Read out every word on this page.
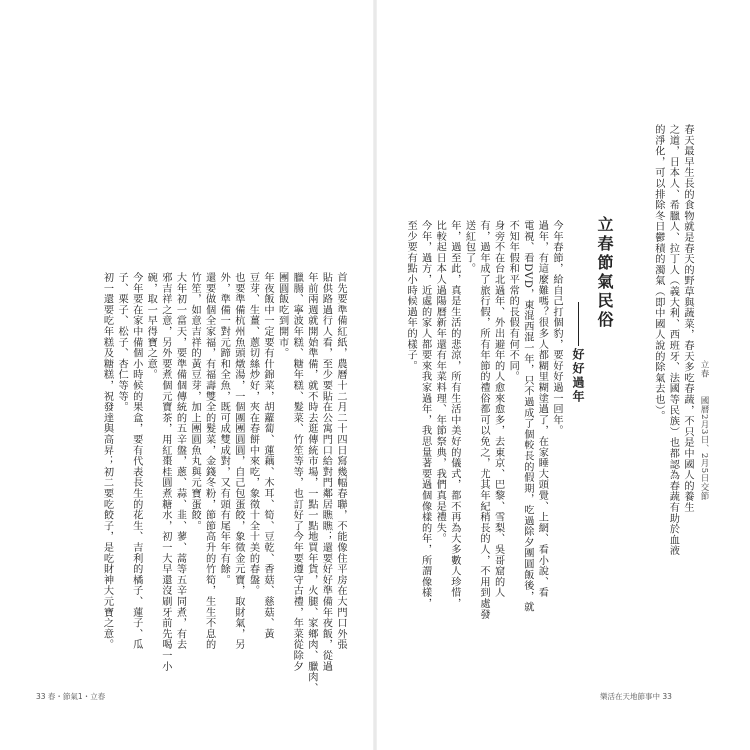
首先要準備紅紙，農曆十二月二十四日寫幾幅春聯，不能像住平房在大門口外張
貼供路過行人看，至少要貼在公寓門口給對門鄰居瞧瞧；還要好好準備年夜飯，從過
年前兩週就開始準備，就不時去逛傳統市場，一點一點地買年貨，火腿、家鄉肉、臘肉、
臘腸、寧波年糕、糖年糕、髮菜、竹笙等等，也訂好了今年要遵守古禮，年菜從除夕
團圓飯吃到開市。
年夜飯中一定要有什錦菜，胡蘿蔔、蓮藕、木耳、筍、豆乾、香菇、慈菇、黃
豆芽、生薑、蔥切絲炒好，夾在春餅中來吃，象徵十全十美的春盤。
也要準備杭州魚頭燉湯，一個團團圓圓，自己包蛋餃，象徵金元寶，取財氣，另
外，準備一對元蹄和全魚，既可成雙成對，又有頭有尾年年有餘。
還要做個全家福，有福壽雙全的髮菜，金錢冬粉，節節高升的竹筍，生生不息的
竹笙，如意吉祥的黃豆芽，加上團圓魚丸與元寶蛋餃。
大年初一當天，要準備個傳統的五辛盤，蔥、蒜、韭、蓼、蒿等五辛同煮，有去
邪吉祥之意，另外要煮個元寶茶，用紅棗桂圓煮糖水，初一大早還沒刷牙前先喝一小
碗，取一早得寶之意。
今年要在家中備個小時候的果盒，要有代表長生的花生、吉利的橘子、蓮子、瓜
子、栗子、松子、杏仁等等。
初一還要吃年糕及糖糕，祝發達與高昇；初二要吃餃子，是吃財神大元寶之意。
33 春・節氣1・立春
立春　　國曆2月3日、2月5日交節
春天最早生長的食物就是春天的野草與蔬菜，春天多吃春蔬，不只是中國人的養生
之道，日本人、希臘人、拉丁人（義大利、西班牙、法國等民族）也都認為春蔬有助於血液
的淨化，可以排除冬日鬱積的濁氣（即中國人說的除氣去也）。
立春節氣民俗
好好過年
今年春節，給自己打個豹，要好好過一回年。
過年，有這麼難嗎？很多人都糊里糊塗過了，在家睡大頭覺、上網、看小說、看
電視、看DVD，東混西混一年，只不過成了個較長的假期，吃過除夕團圓飯後，就
不知年假和平常的長假有何不同。
身旁不在台北過年、外出避年的人愈來愈多，去東京、巴黎、雪梨、吳哥窟的人
有，過年成了旅行假，所有年節的禮俗都可以免之，尤其年紀稍長的人，不用到處發
送紅包了。
年，過至此，真是生活的悲涼，所有生活中美好的儀式，都不再為大多數人珍惜，
比較起日本人過陽曆新年還有年菜料理、年節祭典，我們真是禮失。
今年，過方，近處的家人都要來我家過年，我思量著要過個像樣的年，所謂像樣，
至少要有點小時候過年的樣子。
樂活在天地節事中 33
